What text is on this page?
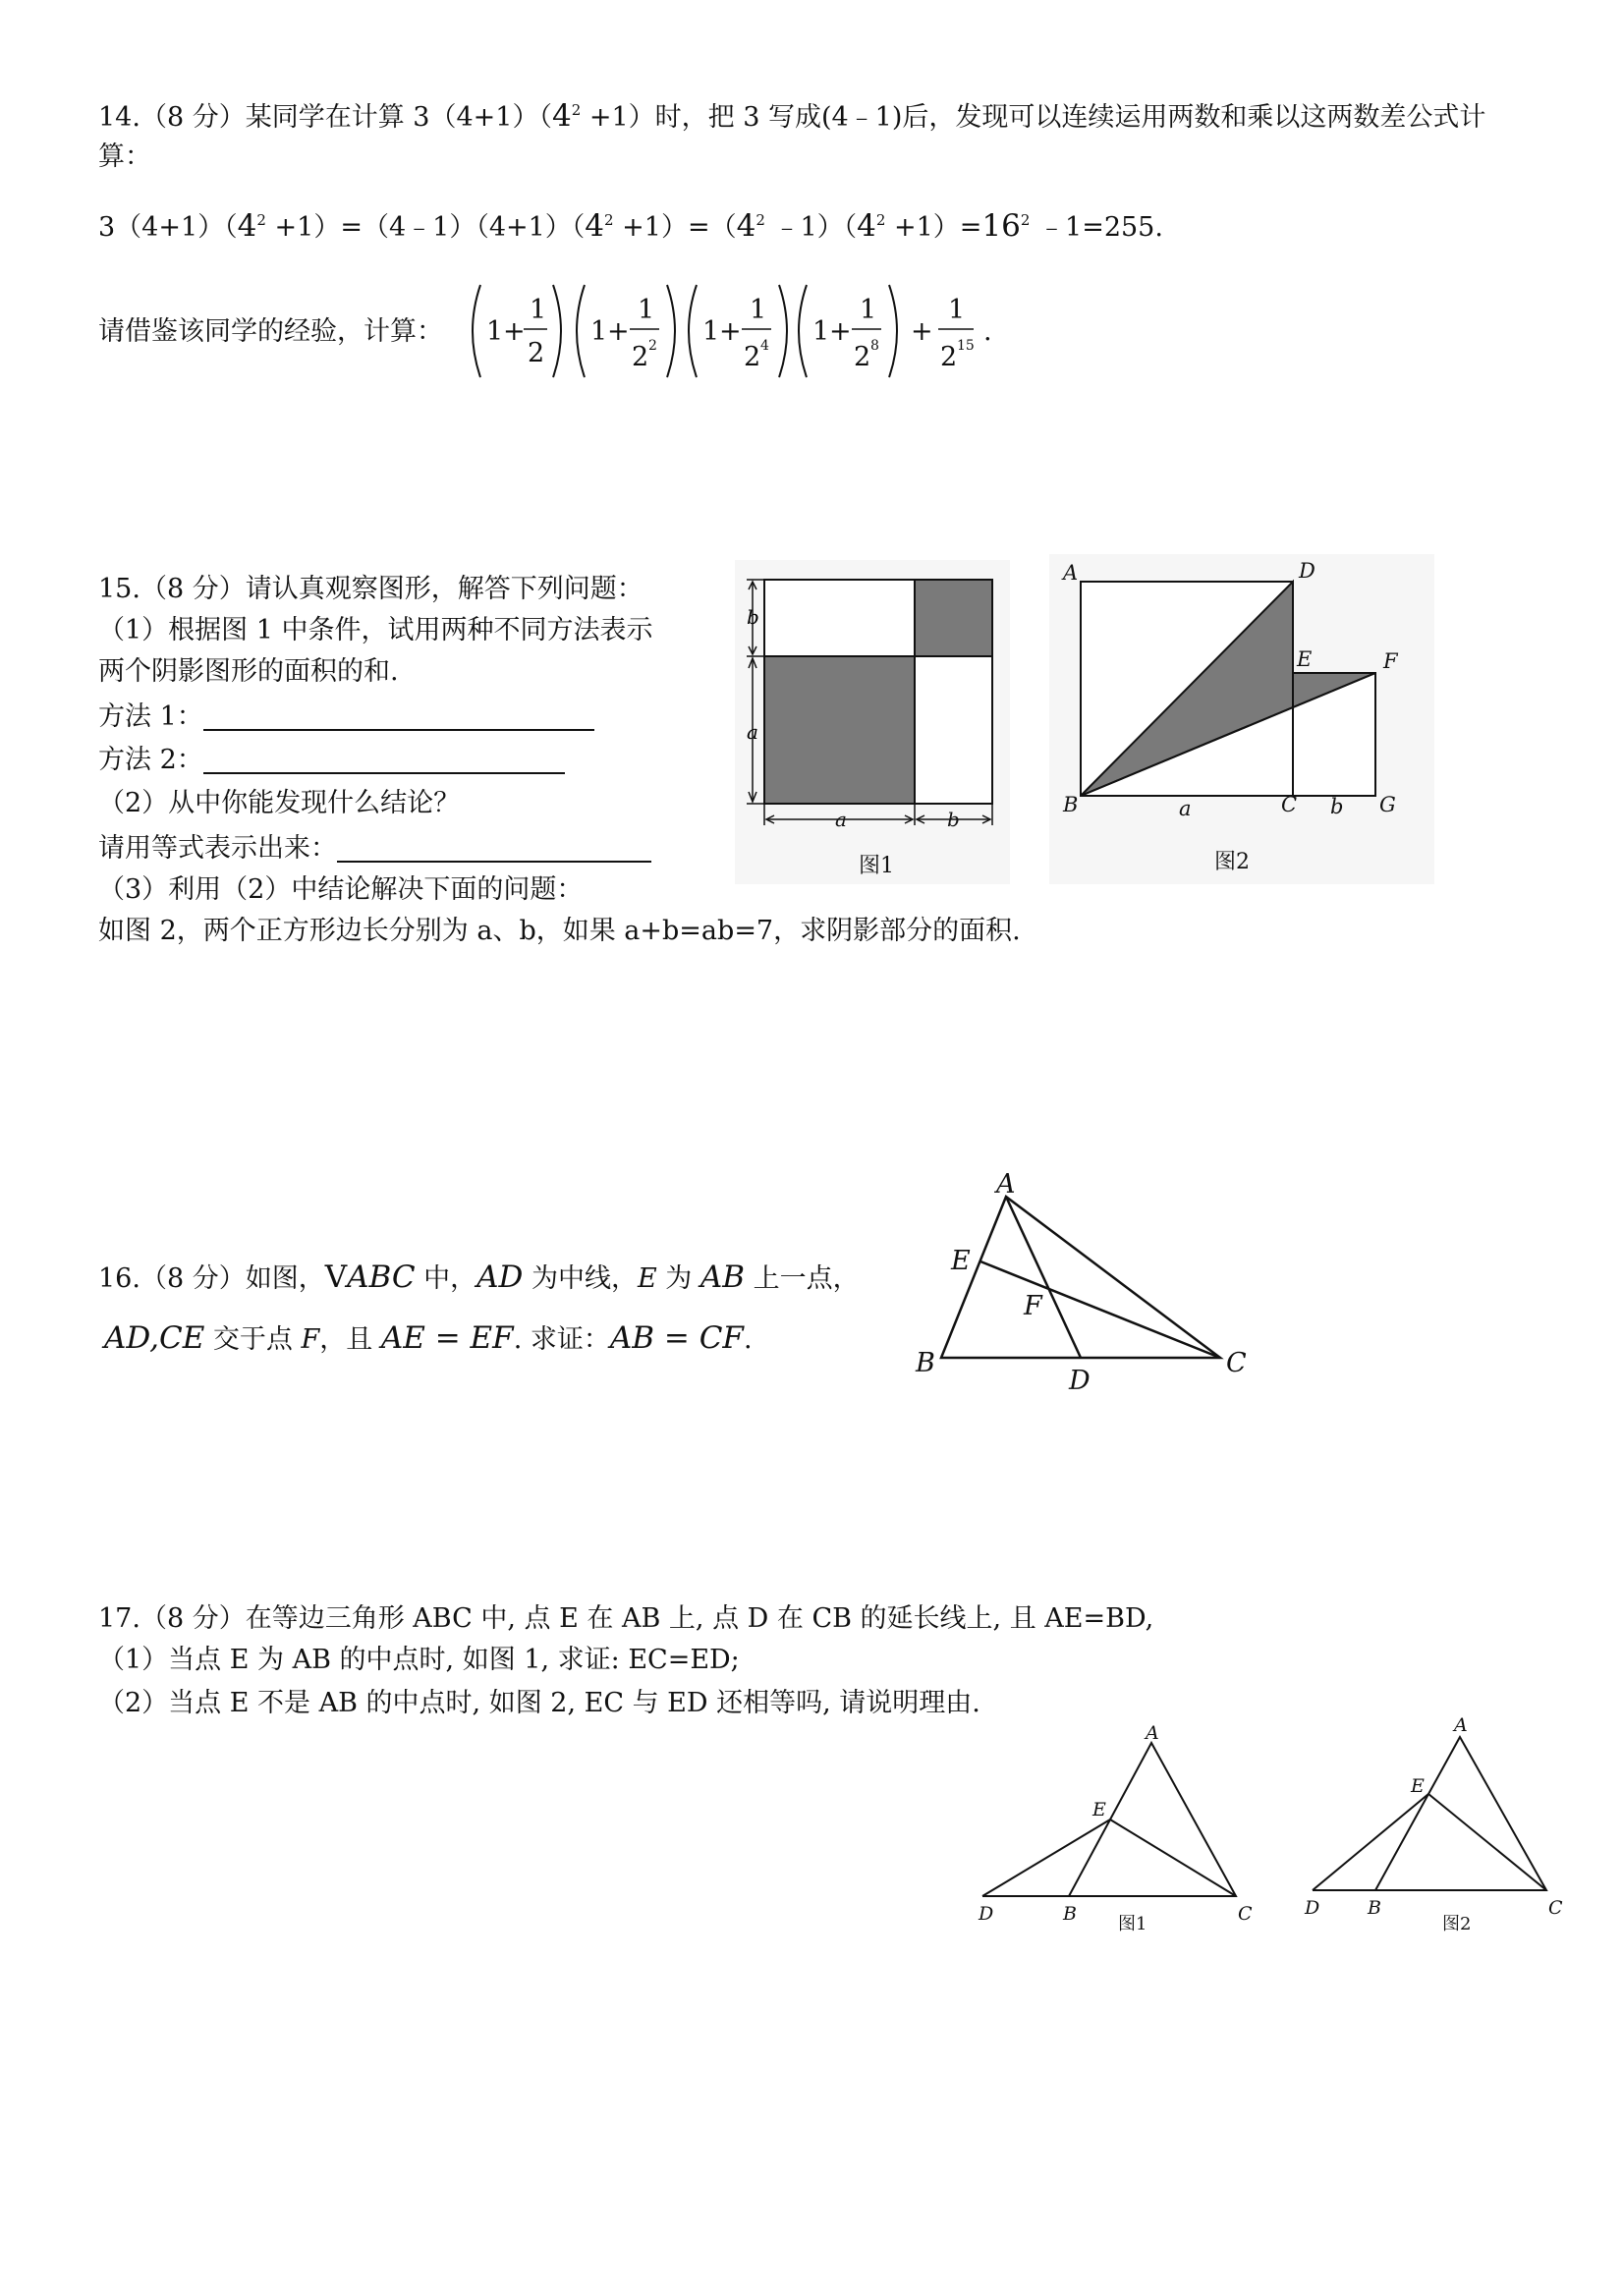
14.（8 分）某同学在计算 $3(4+1)(4^2 +1)$时，把 3 写成(4﹣1)后，发现可以连续运用两数和乘以这两数差公式计
算：
$3(4+1)(4^2$ $+1)=(4﹣1)(4+1)(4^2 +1)=(4^2$ $﹣1)(4^2 +1)=16^2$ ﹣1=255.
请借鉴该同学的经验，计算： 1 +
1
2
1 +
1
2 2 1 +
1
2 4 1 +
1
2 8 +
1
2 15 .
15.（8 分）请认真观察图形，解答下列问题：
（1）根据图 1 中条件，试用两种不同方法表示
两个阴影图形的面积的和.
方法 1：
方法 2：
（2）从中你能发现什么结论？
请用等式表示出来：
（3）利用（2）中结论解决下面的问题：
如图 2，两个正方形边长分别为 a、b，如果 a+b=ab=7，求阴影部分的面积.
b
a
a	b
图1
A	D
E	F
B	C	G
a	b
图2
16.（8 分）如图，VABC 中，AD 为中线，E 为 AB 上一点，
AD,CE 交于点 F，且 AE = EF. 求证：AB = CF.
A
E
F
B
D
C
17.（8 分）在等边三角形 ABC 中, 点 E 在 AB 上, 点 D 在 CB 的延长线上, 且 AE=BD,
（1）当点 E 为 AB 的中点时, 如图 1, 求证: EC=ED;
（2）当点 E 不是 AB 的中点时, 如图 2, EC 与 ED 还相等吗, 请说明理由.
A
E
D	B	C
图1
A
E
D	B	C
图2
